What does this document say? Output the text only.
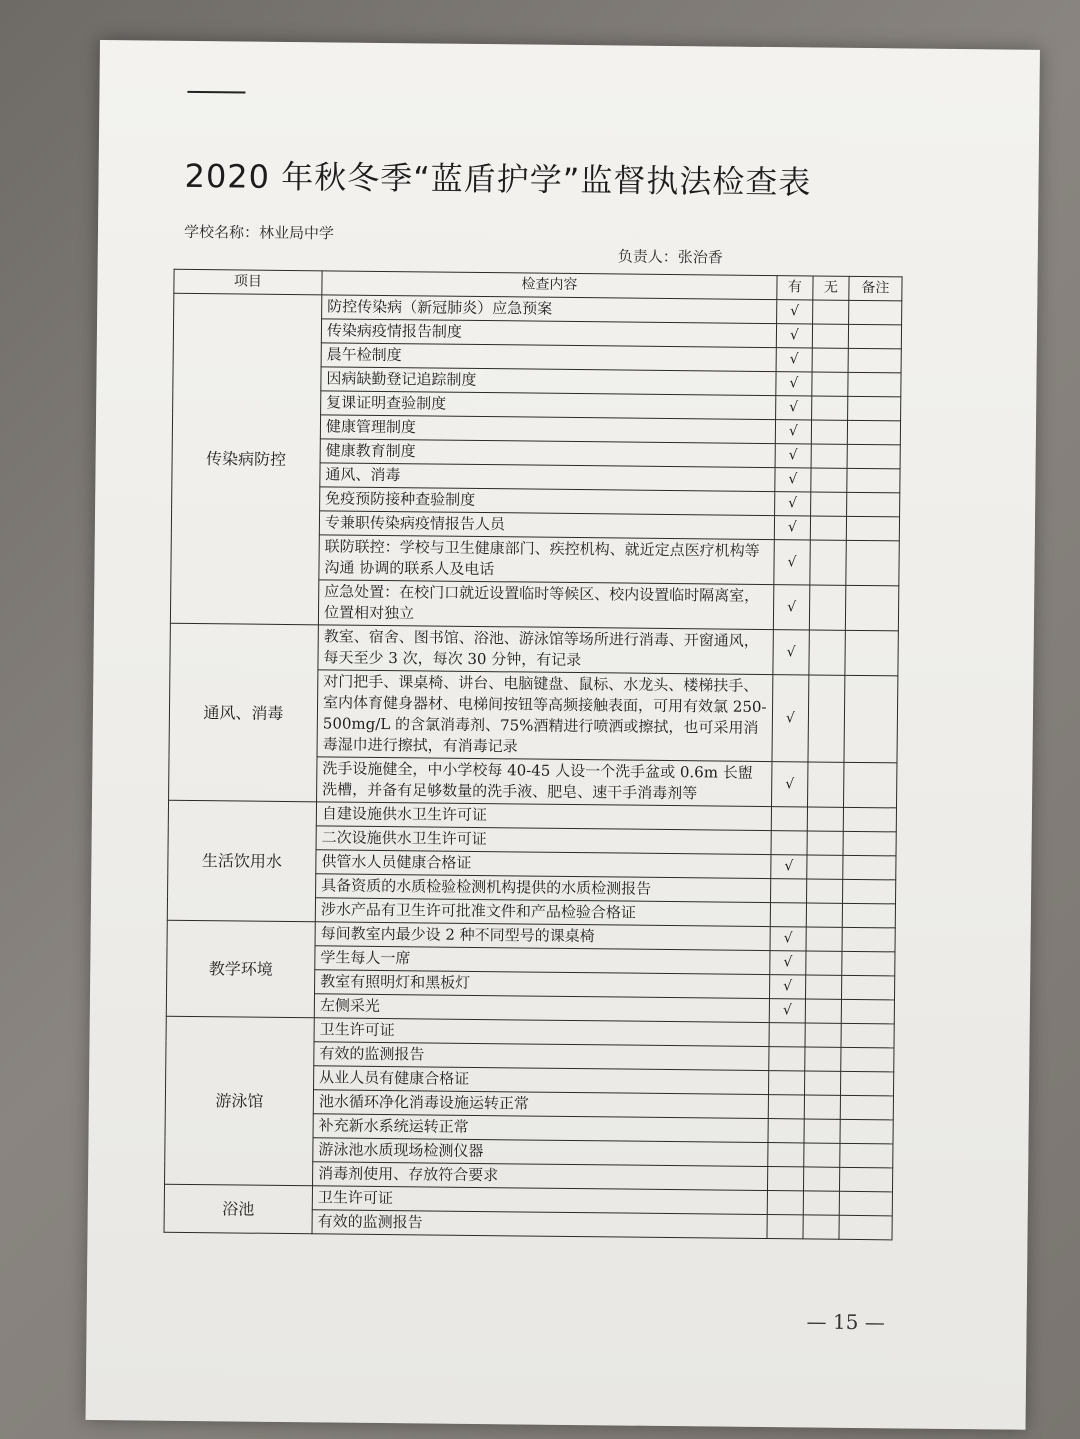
2020 年秋冬季“蓝盾护学”监督执法检查表
学校名称：林业局中学
负责人：张治香
项目	检查内容	有	无	备注
传染病防控	防控传染病（新冠肺炎）应急预案	√		
	传染病疫情报告制度	√		
	晨午检制度	√		
	因病缺勤登记追踪制度	√		
	复课证明查验制度	√		
	健康管理制度	√		
	健康教育制度	√		
	通风、消毒	√		
	免疫预防接种查验制度	√		
	专兼职传染病疫情报告人员	√		
	联防联控：学校与卫生健康部门、疾控机构、就近定点医疗机构等沟通 协调的联系人及电话	√		
	应急处置：在校门口就近设置临时等候区、校内设置临时隔离室，位置相对独立	√		
通风、消毒	教室、宿舍、图书馆、浴池、游泳馆等场所进行消毒、开窗通风，每天至少 3 次，每次 30 分钟，有记录	√		
	对门把手、课桌椅、讲台、电脑键盘、鼠标、水龙头、楼梯扶手、室内体育健身器材、电梯间按钮等高频接触表面，可用有效氯 250-500mg/L 的含氯消毒剂、75%酒精进行喷洒或擦拭，也可采用消毒湿巾进行擦拭，有消毒记录	√		
	洗手设施健全，中小学校每 40-45 人设一个洗手盆或 0.6m 长盥洗槽，并备有足够数量的洗手液、肥皂、速干手消毒剂等	√		
生活饮用水	自建设施供水卫生许可证			
	二次设施供水卫生许可证			
	供管水人员健康合格证	√		
	具备资质的水质检验检测机构提供的水质检测报告			
	涉水产品有卫生许可批准文件和产品检验合格证			
教学环境	每间教室内最少设 2 种不同型号的课桌椅	√		
	学生每人一席	√		
	教室有照明灯和黑板灯	√		
	左侧采光	√		
游泳馆	卫生许可证			
	有效的监测报告			
	从业人员有健康合格证			
	池水循环净化消毒设施运转正常			
	补充新水系统运转正常			
	游泳池水质现场检测仪器			
	消毒剂使用、存放符合要求			
浴池	卫生许可证			
	有效的监测报告			
— 15 —
